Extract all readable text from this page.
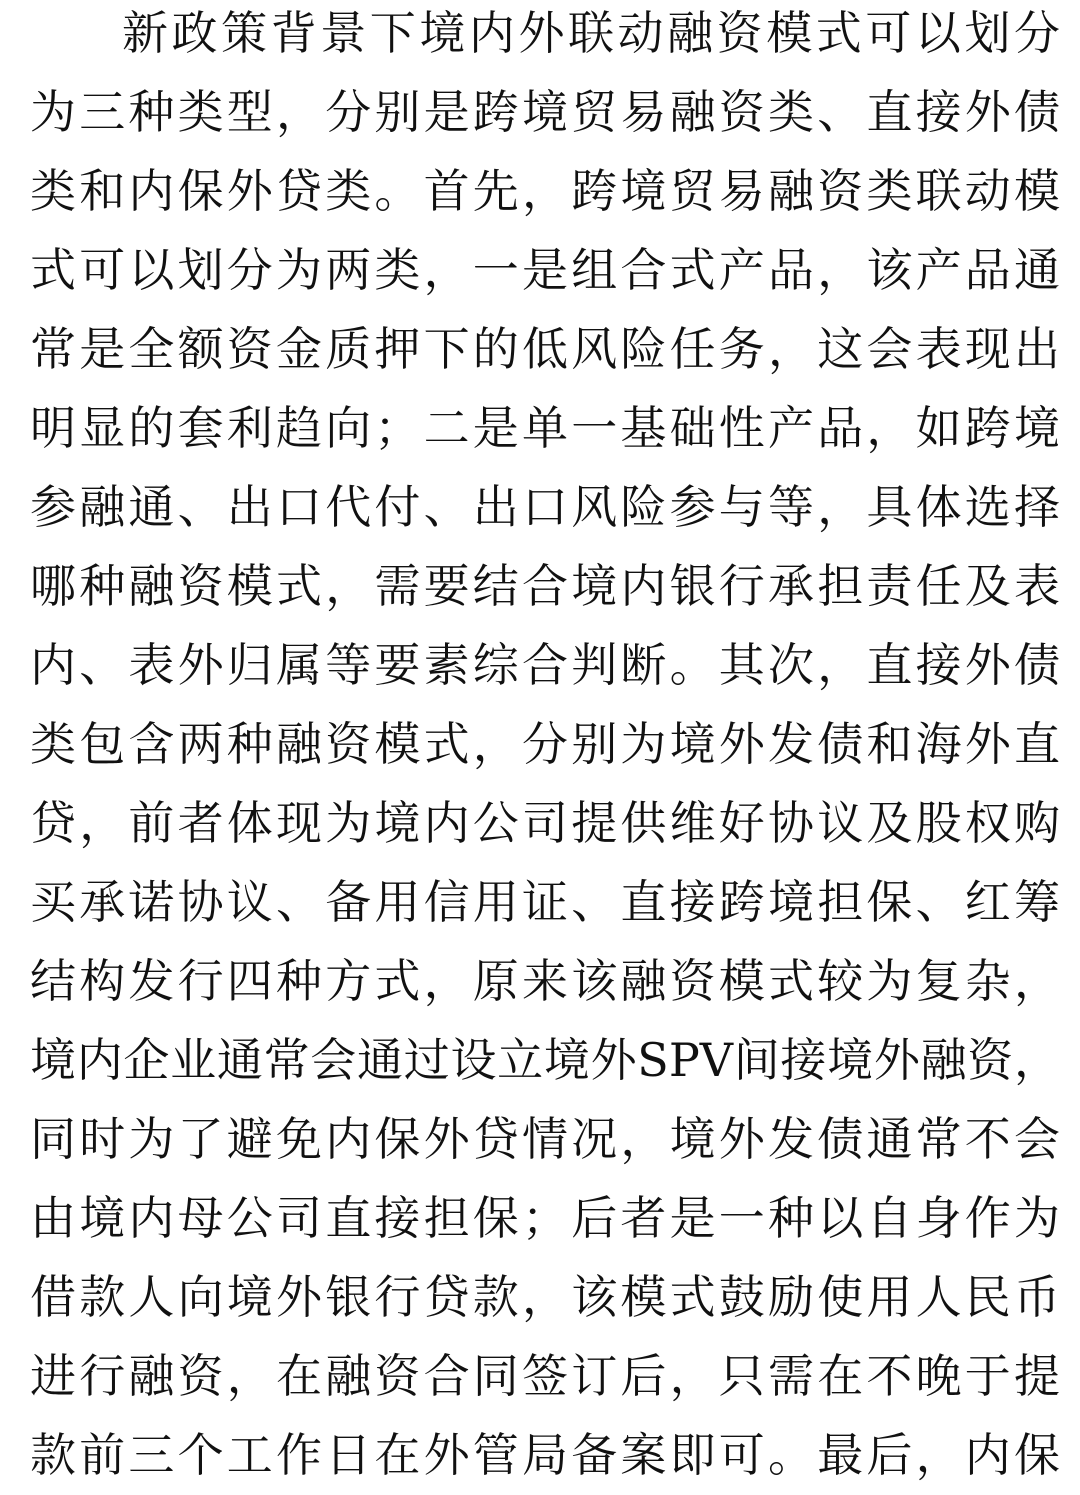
新政策背景下境内外联动融资模式可以划分
为三种类型，分别是跨境贸易融资类、直接外债
类和内保外贷类。首先，跨境贸易融资类联动模
式可以划分为两类，一是组合式产品，该产品通
常是全额资金质押下的低风险任务，这会表现出
明显的套利趋向；二是单一基础性产品，如跨境
参融通、出口代付、出口风险参与等，具体选择
哪种融资模式，需要结合境内银行承担责任及表
内、表外归属等要素综合判断。其次，直接外债
类包含两种融资模式，分别为境外发债和海外直
贷，前者体现为境内公司提供维好协议及股权购
买承诺协议、备用信用证、直接跨境担保、红筹
结构发行四种方式，原来该融资模式较为复杂，
境内企业通常会通过设立境外SPV间接境外融资，
同时为了避免内保外贷情况，境外发债通常不会
由境内母公司直接担保；后者是一种以自身作为
借款人向境外银行贷款，该模式鼓励使用人民币
进行融资，在融资合同签订后，只需在不晚于提
款前三个工作日在外管局备案即可。最后，内保
